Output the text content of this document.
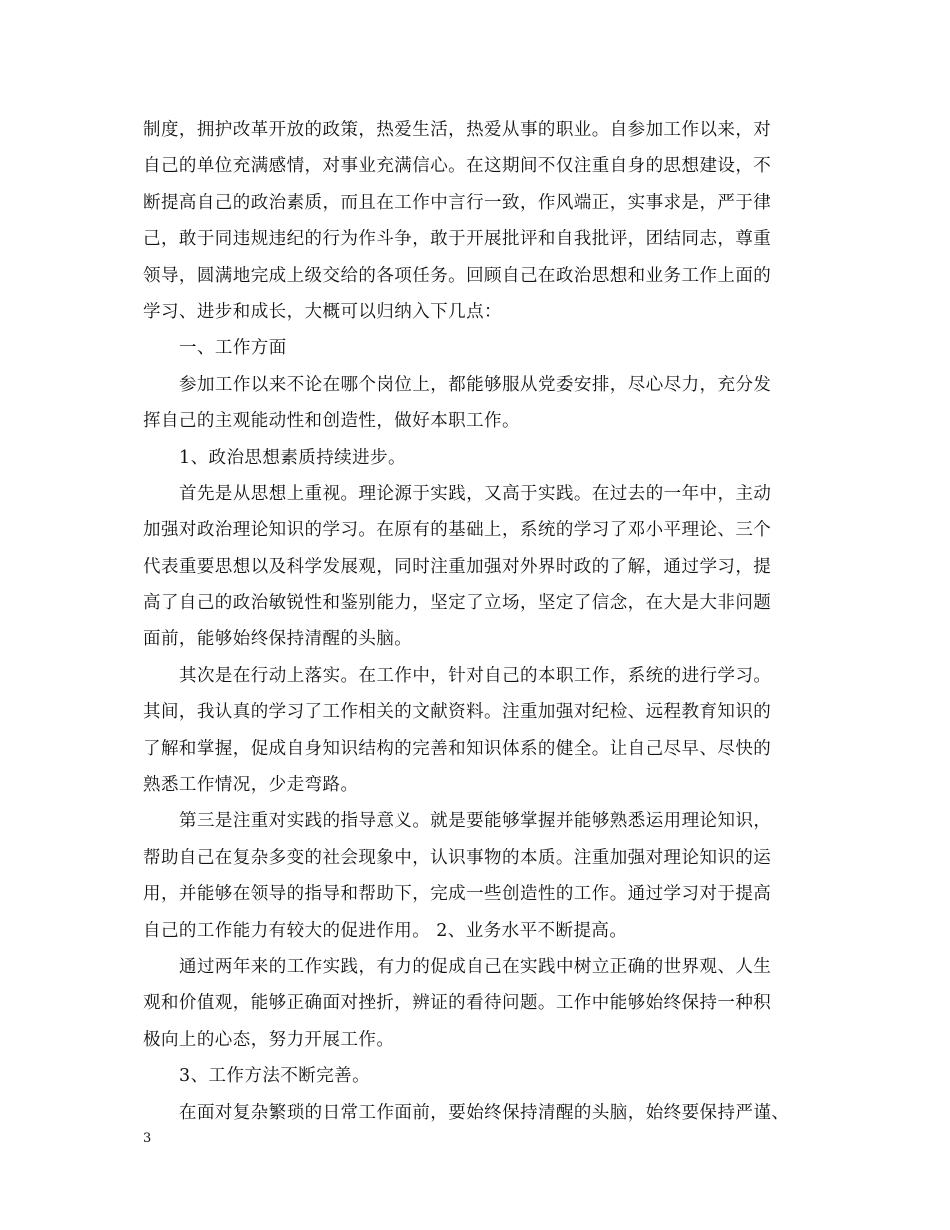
制度，拥护改革开放的政策，热爱生活，热爱从事的职业。自参加工作以来，对
自己的单位充满感情，对事业充满信心。在这期间不仅注重自身的思想建设，不
断提高自己的政治素质，而且在工作中言行一致，作风端正，实事求是，严于律
己，敢于同违规违纪的行为作斗争，敢于开展批评和自我批评，团结同志，尊重
领导，圆满地完成上级交给的各项任务。回顾自己在政治思想和业务工作上面的
学习、进步和成长，大概可以归纳入下几点：
一、工作方面
参加工作以来不论在哪个岗位上，都能够服从党委安排，尽心尽力，充分发
挥自己的主观能动性和创造性，做好本职工作。
1、政治思想素质持续进步。
首先是从思想上重视。理论源于实践，又高于实践。在过去的一年中，主动
加强对政治理论知识的学习。在原有的基础上，系统的学习了邓小平理论、三个
代表重要思想以及科学发展观，同时注重加强对外界时政的了解，通过学习，提
高了自己的政治敏锐性和鉴别能力，坚定了立场，坚定了信念，在大是大非问题
面前，能够始终保持清醒的头脑。
其次是在行动上落实。在工作中，针对自己的本职工作，系统的进行学习。
其间，我认真的学习了工作相关的文献资料。注重加强对纪检、远程教育知识的
了解和掌握，促成自身知识结构的完善和知识体系的健全。让自己尽早、尽快的
熟悉工作情况，少走弯路。
第三是注重对实践的指导意义。就是要能够掌握并能够熟悉运用理论知识，
帮助自己在复杂多变的社会现象中，认识事物的本质。注重加强对理论知识的运
用，并能够在领导的指导和帮助下，完成一些创造性的工作。通过学习对于提高
自己的工作能力有较大的促进作用。 2、业务水平不断提高。
通过两年来的工作实践，有力的促成自己在实践中树立正确的世界观、人生
观和价值观，能够正确面对挫折，辨证的看待问题。工作中能够始终保持一种积
极向上的心态，努力开展工作。
3、工作方法不断完善。
在面对复杂繁琐的日常工作面前，要始终保持清醒的头脑，始终要保持严谨、
3
